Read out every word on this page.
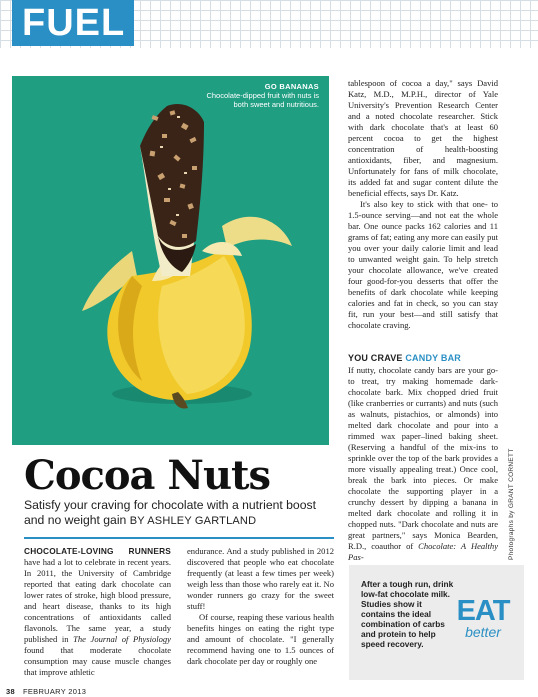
FUEL
GO BANANAS
Chocolate-dipped fruit with nuts is both sweet and nutritious.
Photographs by GRANT CORNETT
Cocoa Nuts
Satisfy your craving for chocolate with a nutrient boost and no weight gain BY ASHLEY GARTLAND

CHOCOLATE-LOVING RUNNERS have had a lot to celebrate in recent years. In 2011, the University of Cambridge reported that eating dark chocolate can lower rates of stroke, high blood pressure, and heart disease, thanks to its high concentrations of antioxidants called flavonols. The same year, a study published in The Journal of Physiology found that moderate chocolate consumption may cause muscle changes that improve athletic

endurance. And a study published in 2012 discovered that people who eat chocolate frequently (at least a few times per week) weigh less than those who rarely eat it. No wonder runners go crazy for the sweet stuff!

Of course, reaping these various health benefits hinges on eating the right type and amount of chocolate. "I generally recommend having one to 1.5 ounces of dark chocolate per day or roughly one

tablespoon of cocoa a day," says David Katz, M.D., M.P.H., director of Yale University's Prevention Research Center and a noted chocolate researcher. Stick with dark chocolate that's at least 60 percent cocoa to get the highest concentration of health-boosting antioxidants, fiber, and magnesium. Unfortunately for fans of milk chocolate, its added fat and sugar content dilute the beneficial effects, says Dr. Katz.

It's also key to stick with that one- to 1.5-ounce serving—and not eat the whole bar. One ounce packs 162 calories and 11 grams of fat; eating any more can easily put you over your daily calorie limit and lead to unwanted weight gain. To help stretch your chocolate allowance, we've created four good-for-you desserts that offer the benefits of dark chocolate while keeping calories and fat in check, so you can stay fit, run your best—and still satisfy that chocolate craving.

YOU CRAVE CANDY BAR

If nutty, chocolate candy bars are your go-to treat, try making homemade dark-chocolate bark. Mix chopped dried fruit (like cranberries or currants) and nuts (such as walnuts, pistachios, or almonds) into melted dark chocolate and pour into a rimmed wax paper–lined baking sheet. (Reserving a handful of the mix-ins to sprinkle over the top of the bark provides a more visually appealing treat.) Once cool, break the bark into pieces. Or make chocolate the supporting player in a crunchy dessert by dipping a banana in melted dark chocolate and rolling it in chopped nuts. "Dark chocolate and nuts are great partners," says Monica Bearden, R.D., coauthor of Chocolate: A Healthy Pas-

After a tough run, drink low-fat chocolate milk. Studies show it contains the ideal combination of carbs and protein to help speed recovery.
EAT
better
38 FEBRUARY 2013
